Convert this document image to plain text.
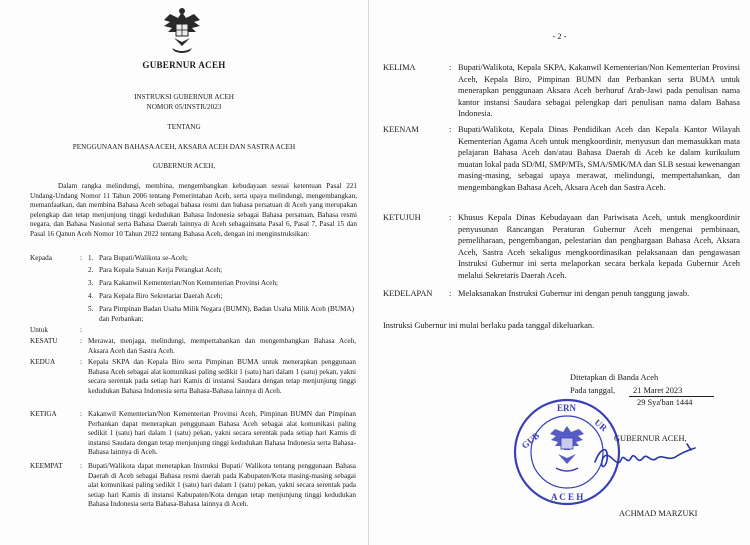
GUBERNUR ACEH
INSTRUKSI GUBERNUR ACEH
NOMOR 05/INSTR/2023
TENTANG
PENGGUNAAN BAHASA ACEH, AKSARA ACEH DAN SASTRA ACEH
GUBERNUR ACEH,
Dalam rangka melindungi, membina, mengembangkan kebudayaan sesuai ketentuan Pasal 221 Undang-Undang Nomor 11 Tahun 2006 tentang Pemerintahan Aceh, serta upaya melindungi, mengembangkan, memanfaatkan, dan membina Bahasa Aceh sebagai bahasa resmi dan bahasa persatuan di Aceh yang merupakan pelengkap dan tetap menjunjung tinggi kedudukan Bahasa Indonesia sebagai Bahasa persatuan, Bahasa resmi negara, dan Bahasa Nasional serta Bahasa Daerah lainnya di Aceh sebagaimana Pasal 6, Pasal 7, Pasal 15 dan Pasal 16 Qanun Aceh Nomor 10 Tahun 2022 tentang Bahasa Aceh, dengan ini menginstruksikan:
Kepada	: 1. Para Bupati/Walikota se-Aceh;
2. Para Kepala Satuan Kerja Perangkat Aceh;
3. Para Kakanwil Kementerian/Non Kementerian Provinsi Aceh;
4. Para Kepala Biro Sekretariat Daerah Aceh;
5. Para Pimpinan Badan Usaha Milik Negara (BUMN), Badan Usaha Milik Aceh (BUMA) dan Perbankan;
Untuk	:
KESATU	: Merawat, menjaga, melindungi, mempertahankan dan mengembangkan Bahasa Aceh, Aksara Aceh dan Sastra Aceh.
KEDUA	: Kepala SKPA dan Kepala Biro serta Pimpinan BUMA untuk menerapkan penggunaan Bahasa Aceh sebagai alat komunikasi paling sedikit 1 (satu) hari dalam 1 (satu) pekan, yakni secara serentak pada setiap hari Kamis di instansi Saudara dengan tetap menjunjung tinggi kedudukan Bahasa Indonesia serta Bahasa-Bahasa lainnya di Aceh.
KETIGA	: Kakanwil Kementerian/Non Kementerian Provinsi Aceh, Pimpinan BUMN dan Pimpinan Perbankan dapat menerapkan penggunaan Bahasa Aceh sebagai alat komunikasi paling sedikit 1 (satu) hari dalam 1 (satu) pekan, yakni secara serentak pada setiap hari Kamis di instansi Saudara dengan tetap menjunjung tinggi kedudukan Bahasa Indonesia serta Bahasa-Bahasa lainnya di Aceh.
KEEMPAT : Bupati/Walikota dapat menetapkan Instruksi Bupati/ Walikota tentang penggunaan Bahasa Daerah di Aceh sebagai Bahasa resmi daerah pada Kabupaten/Kota masing-masing sebagai alat komunikasi paling sedikit 1 (satu) hari dalam 1 (satu) pekan, yakni secara serentak pada setiap hari Kamis di instansi Kabupaten/Kota dengan tetap menjunjung tinggi kedudukan Bahasa Indonesia serta Bahasa-Bahasa lainnya di Aceh.
- 2 -
KELIMA	: Bupati/Walikota, Kepala SKPA, Kakanwil Kementerian/Non Kementerian Provinsi Aceh, Kepala Biro, Pimpinan BUMN dan Perbankan serta BUMA untuk menerapkan penggunaan Aksara Aceh berhuruf Arab-Jawi pada penulisan nama kantor instansi Saudara sebagai pelengkap dari penulisan nama dalam Bahasa Indonesia.
KEENAM	: Bupati/Walikota, Kepala Dinas Pendidikan Aceh dan Kepala Kantor Wilayah Kementerian Agama Aceh untuk mengkoordinir, menyusun dan memasukkan mata pelajaran Bahasa Aceh dan/atau Bahasa Daerah di Aceh ke dalam kurikulum muatan lokal pada SD/MI, SMP/MTs, SMA/SMK/MA dan SLB sesuai kewenangan masing-masing, sebagai upaya merawat, melindungi, mempertahankan, dan mengembangkan Bahasa Aceh, Aksara Aceh dan Sastra Aceh.
KETUJUH	: Khusus Kepala Dinas Kebudayaan dan Pariwisata Aceh, untuk mengkoordinir penyusunan Rancangan Peraturan Gubernur Aceh mengenai pembinaan, pemeliharaan, pengembangan, pelestarian dan penghargaan Bahasa Aceh, Aksara Aceh, Sastra Aceh sekaligus mengkoordinasikan pelaksanaan dan pengawasan Instruksi Gubernur ini serta melaporkan secara berkala kepada Gubernur Aceh melalui Sekretaris Daerah Aceh.
KEDELAPAN : Melaksanakan Instruksi Gubernur ini dengan penuh tanggung jawab.
Instruksi Gubernur ini mulai berlaku pada tanggal dikeluarkan.
Ditetapkan di Banda Aceh
Pada tanggal, 21 Maret 2023
29 Sya'ban 1444
GUB
ERN
UR
A C E H
GUBERNUR ACEH,
ACHMAD MARZUKI
